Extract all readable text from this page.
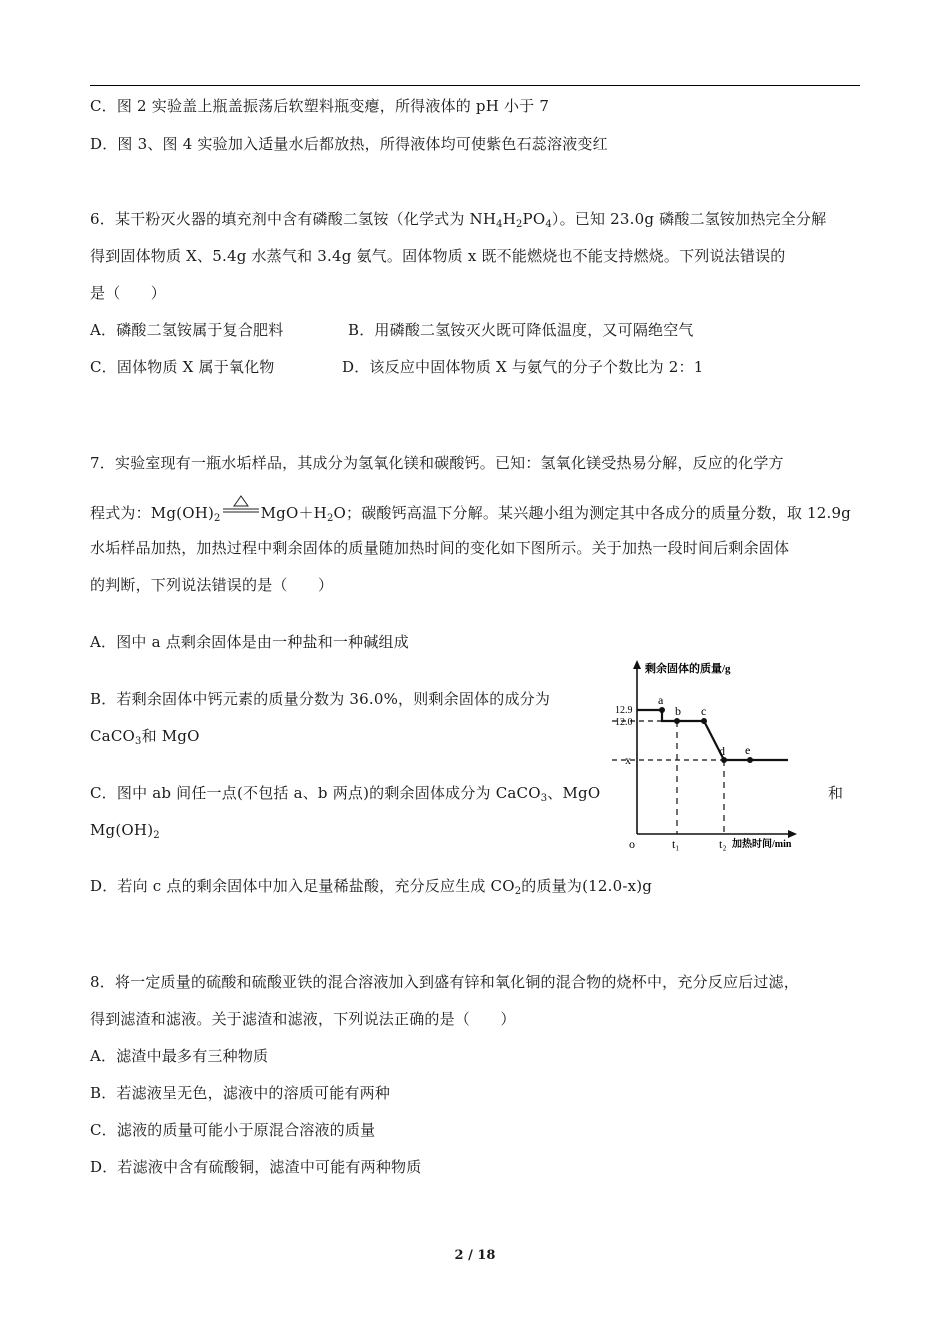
C．图 2 实验盖上瓶盖振荡后软塑料瓶变瘪，所得液体的 pH 小于 7
D．图 3、图 4 实验加入适量水后都放热，所得液体均可使紫色石蕊溶液变红
6．某干粉灭火器的填充剂中含有磷酸二氢铵（化学式为 $NH_4H_2PO_4$）。已知 23.0g 磷酸二氢铵加热完全分解
得到固体物质 X、5.4g 水蒸气和 3.4g 氨气。固体物质 x 既不能燃烧也不能支持燃烧。下列说法错误的
是（　　）
A．磷酸二氢铵属于复合肥料	B．用磷酸二氢铵灭火既可降低温度，又可隔绝空气
C．固体物质 X 属于氧化物	D．该反应中固体物质 X 与氨气的分子个数比为 2：1
7．实验室现有一瓶水垢样品，其成分为氢氧化镁和碳酸钙。已知：氢氧化镁受热易分解，反应的化学方
程式为：$Mg(OH)_2$	$MgO+H_2O$；碳酸钙高温下分解。某兴趣小组为测定其中各成分的质量分数，取 12.9g
水垢样品加热，加热过程中剩余固体的质量随加热时间的变化如下图所示。关于加热一段时间后剩余固体
的判断，下列说法错误的是（　　）
A．图中 a 点剩余固体是由一种盐和一种碱组成
B．若剩余固体中钙元素的质量分数为 36.0%，则剩余固体的成分为
CaCO$_3$和 MgO
C．图中 ab 间任一点(不包括 a、b 两点)的剩余固体成分为 CaCO$_3$、MgO	和
$Mg(OH)_2$
D．若向 c 点的剩余固体中加入足量稀盐酸，充分反应生成 $CO_2$的质量为(12.0-x)g
剩余固体的质量/g
加热时间/min
12.9
12.0
x
o	t₁	t₂
a
b c
d e
8．将一定质量的硫酸和硫酸亚铁的混合溶液加入到盛有锌和氧化铜的混合物的烧杯中，充分反应后过滤，
得到滤渣和滤液。关于滤渣和滤液，下列说法正确的是（　　）
A．滤渣中最多有三种物质
B．若滤液呈无色，滤液中的溶质可能有两种
C．滤液的质量可能小于原混合溶液的质量
D．若滤液中含有硫酸铜，滤渣中可能有两种物质
2 / 18
